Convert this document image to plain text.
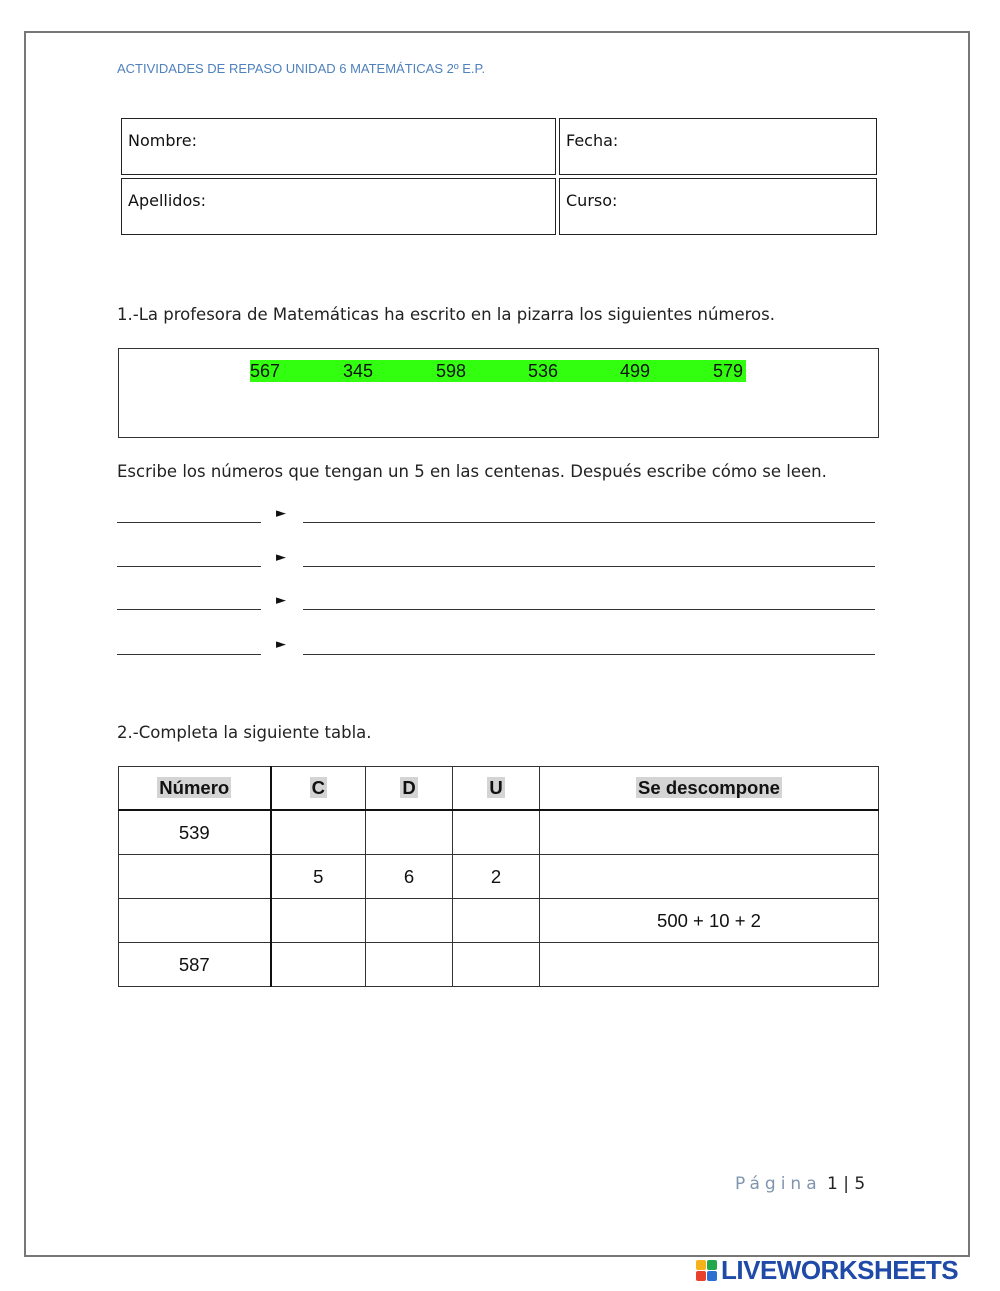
ACTIVIDADES DE REPASO UNIDAD 6 MATEMÁTICAS 2º E.P.
Nombre:	Fecha:
Apellidos:	Curso:
1.-La profesora de Matemáticas ha escrito en la pizarra los siguientes números.
567	345	598	536	499	579
Escribe los números que tengan un 5 en las centenas. Después escribe cómo se leen.
►
►
►
►
2.-Completa la siguiente tabla.
Número	C	D	U	Se descompone
539				
	5	6	2	
				500 + 10 + 2
587				
Página 1 | 5
LIVEWORKSHEETS
